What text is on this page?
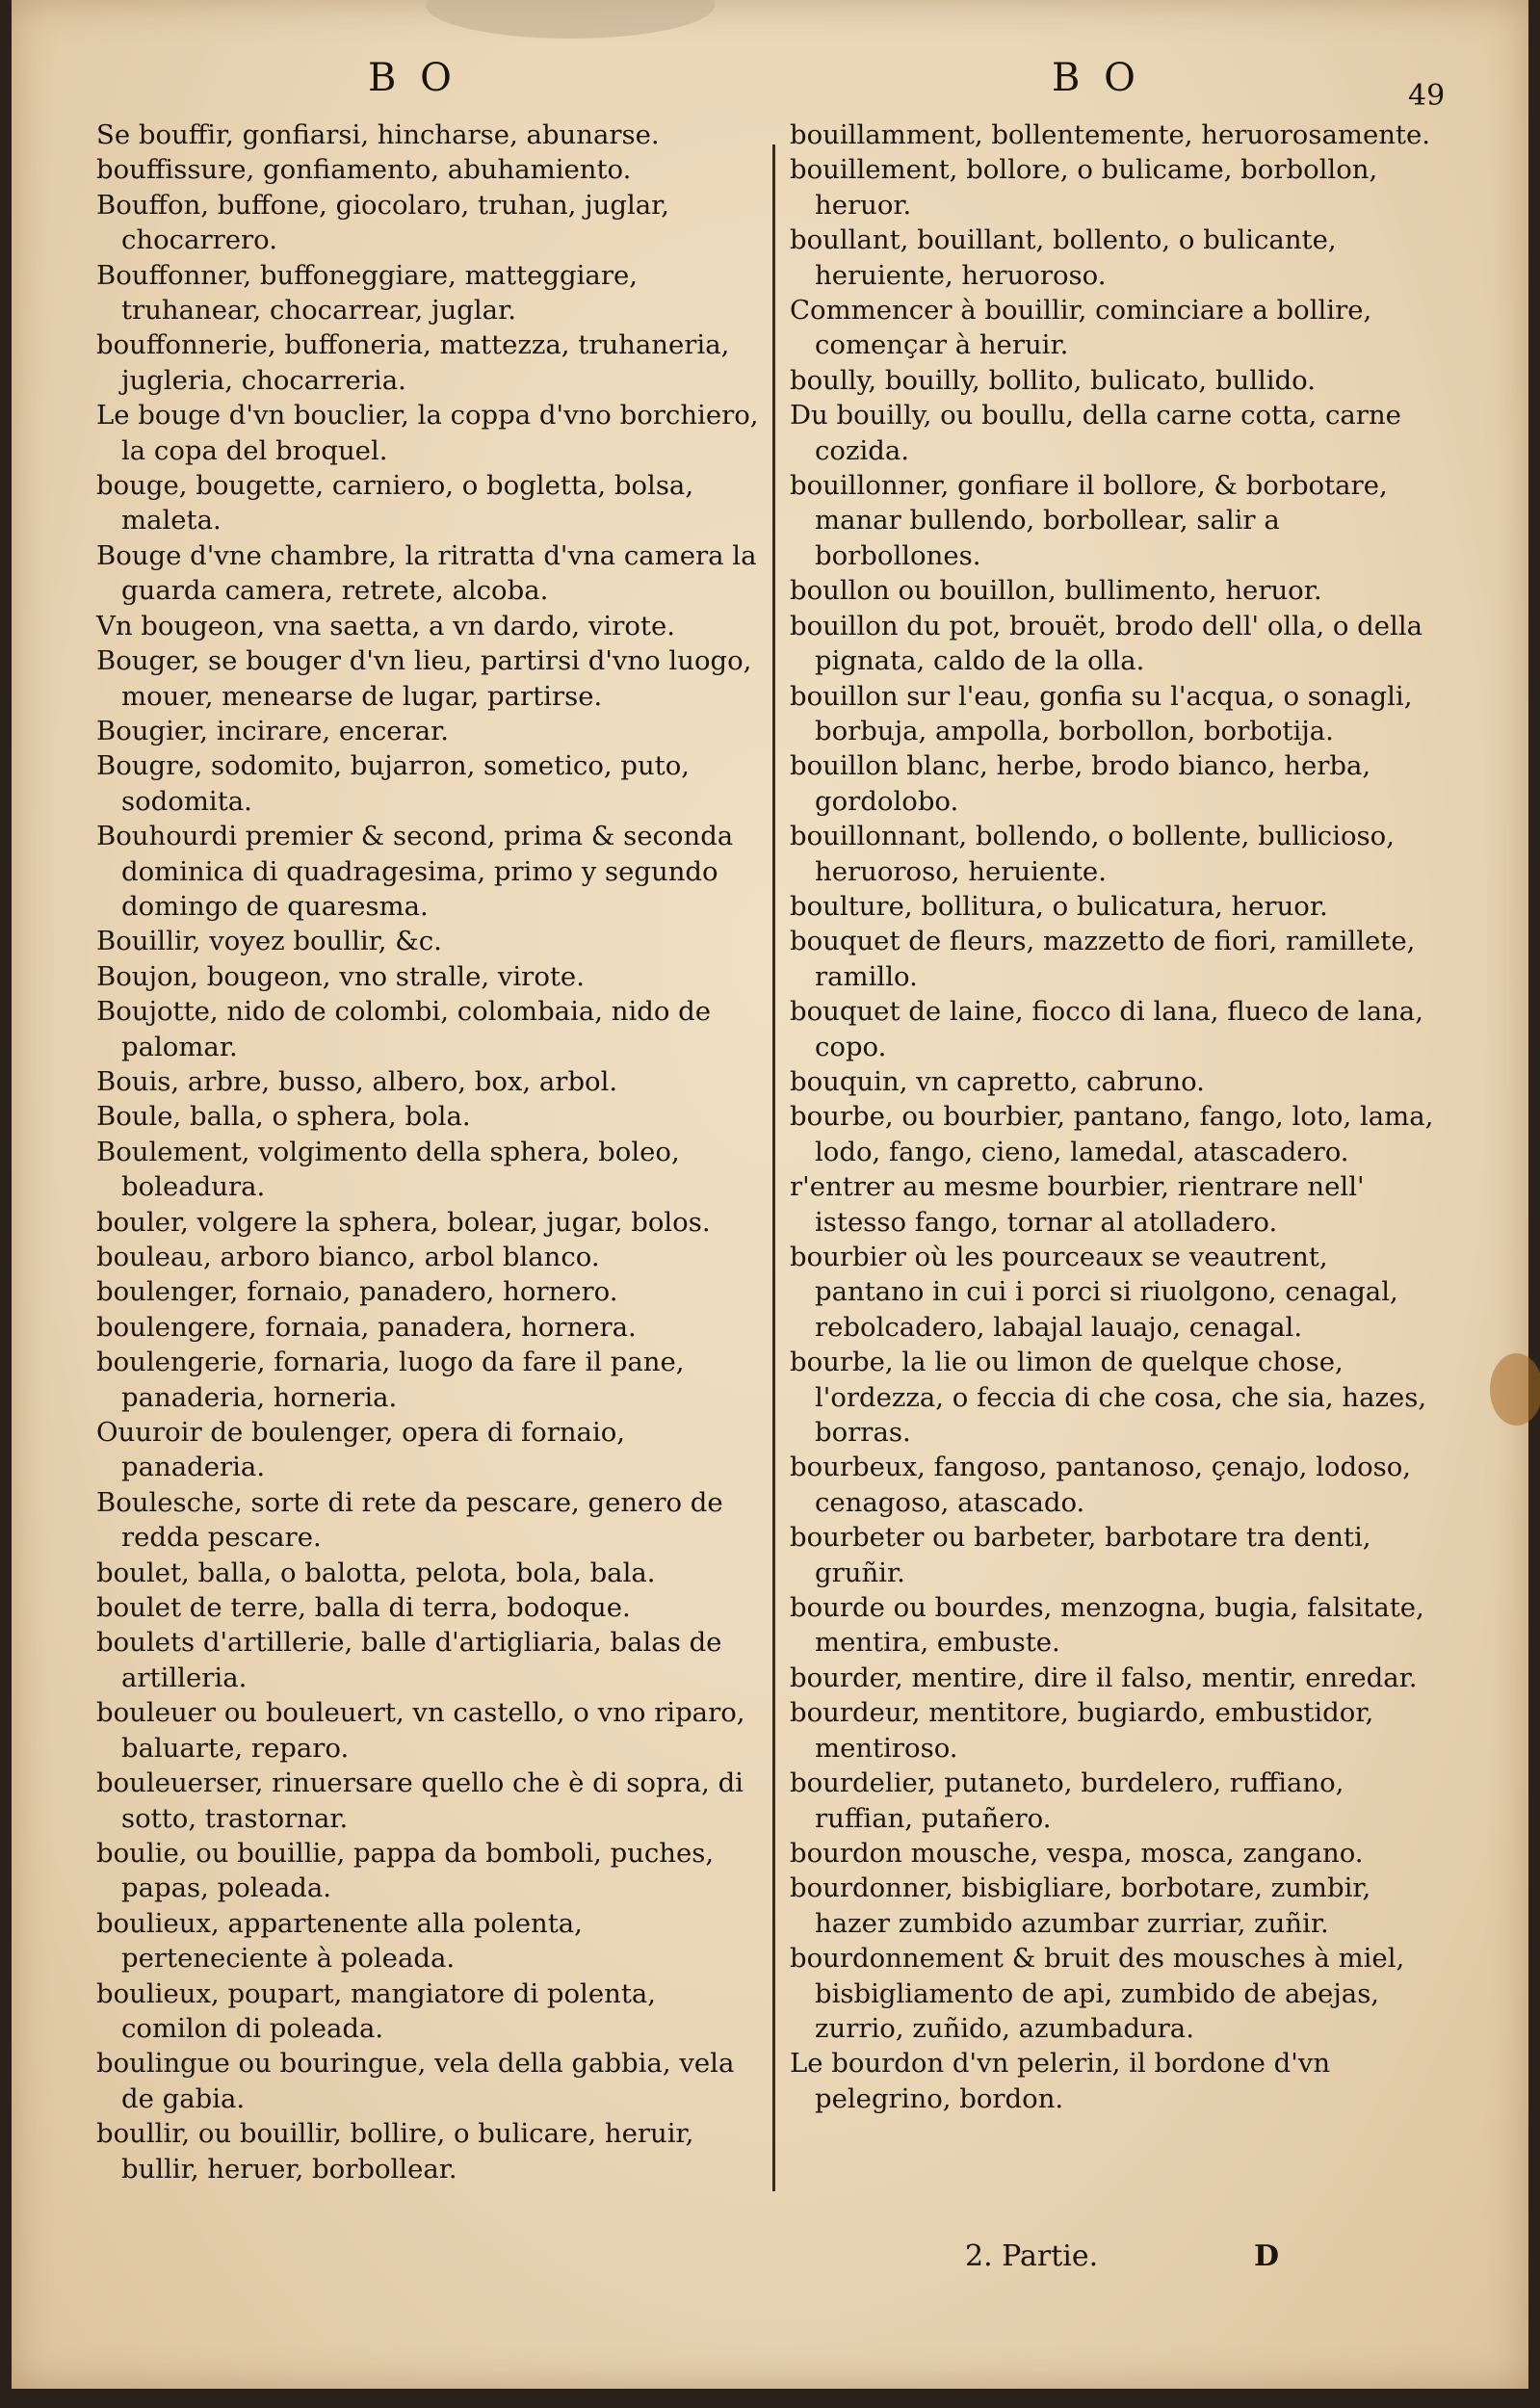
B O	B O	49

Se bouffir, gonfiarsi, hincharse, abunarse.

bouffissure, gonfiamento, abuhamiento.

Bouffon, buffone, giocolaro, truhan, juglar, chocarrero.

Bouffonner, buffoneggiare, matteggiare, truhanear, chocarrear, juglar.

bouffonnerie, buffoneria, mattezza, truhaneria, jugleria, chocarreria.

Le bouge d'vn bouclier, la coppa d'vno borchiero, la copa del broquel.

bouge, bougette, carniero, o bogletta, bolsa, maleta.

Bouge d'vne chambre, la ritratta d'vna camera la guarda camera, retrete, alcoba.

Vn bougeon, vna saetta, a vn dardo, virote.

Bouger, se bouger d'vn lieu, partirsi d'vno luogo, mouer, menearse de lugar, partirse.

Bougier, incirare, encerar.

Bougre, sodomito, bujarron, sometico, puto, sodomita.

Bouhourdi premier & second, prima & seconda dominica di quadragesima, primo y segundo domingo de quaresma.

Bouillir, voyez boullir, &c.

Boujon, bougeon, vno stralle, virote.

Boujotte, nido de colombi, colombaia, nido de palomar.

Bouis, arbre, busso, albero, box, arbol.

Boule, balla, o sphera, bola.

Boulement, volgimento della sphera, boleo, boleadura.

bouler, volgere la sphera, bolear, jugar, bolos.

bouleau, arboro bianco, arbol blanco.

boulenger, fornaio, panadero, hornero.

boulengere, fornaia, panadera, hornera.

boulengerie, fornaria, luogo da fare il pane, panaderia, horneria.

Ouuroir de boulenger, opera di fornaio, panaderia.

Boulesche, sorte di rete da pescare, genero de redda pescare.

boulet, balla, o balotta, pelota, bola, bala.

boulet de terre, balla di terra, bodoque.

boulets d'artillerie, balle d'artigliaria, balas de artilleria.

bouleuer ou bouleuert, vn castello, o vno riparo, baluarte, reparo.

bouleuerser, rinuersare quello che è di sopra, di sotto, trastornar.

boulie, ou bouillie, pappa da bomboli, puches, papas, poleada.

boulieux, appartenente alla polenta, perteneciente à poleada.

boulieux, poupart, mangiatore di polenta, comilon di poleada.

boulingue ou bouringue, vela della gabbia, vela de gabia.

boullir, ou bouillir, bollire, o bulicare, heruir, bullir, heruer, borbollear.

bouillamment, bollentemente, heruorosamente.

bouillement, bollore, o bulicame, borbollon, heruor.

boullant, bouillant, bollento, o bulicante, heruiente, heruoroso.

Commencer à bouillir, cominciare a bollire, començar à heruir.

boully, bouilly, bollito, bulicato, bullido.

Du bouilly, ou boullu, della carne cotta, carne cozida.

bouillonner, gonfiare il bollore, & borbotare, manar bullendo, borbollear, salir a borbollones.

boullon ou bouillon, bullimento, heruor.

bouillon du pot, brouët, brodo dell' olla, o della pignata, caldo de la olla.

bouillon sur l'eau, gonfia su l'acqua, o sonagli, borbuja, ampolla, borbollon, borbotija.

bouillon blanc, herbe, brodo bianco, herba, gordolobo.

bouillonnant, bollendo, o bollente, bullicioso, heruoroso, heruiente.

boulture, bollitura, o bulicatura, heruor.

bouquet de fleurs, mazzetto de fiori, ramillete, ramillo.

bouquet de laine, fiocco di lana, flueco de lana, copo.

bouquin, vn capretto, cabruno.

bourbe, ou bourbier, pantano, fango, loto, lama, lodo, fango, cieno, lamedal, atascadero.

r'entrer au mesme bourbier, rientrare nell' istesso fango, tornar al atolladero.

bourbier où les pourceaux se veautrent, pantano in cui i porci si riuolgono, cenagal, rebolcadero, labajal lauajo, cenagal.

bourbe, la lie ou limon de quelque chose, l'ordezza, o feccia di che cosa, che sia, hazes, borras.

bourbeux, fangoso, pantanoso, çenajo, lodoso, cenagoso, atascado.

bourbeter ou barbeter, barbotare tra denti, gruñir.

bourde ou bourdes, menzogna, bugia, falsitate, mentira, embuste.

bourder, mentire, dire il falso, mentir, enredar.

bourdeur, mentitore, bugiardo, embustidor, mentiroso.

bourdelier, putaneto, burdelero, ruffiano, ruffian, putañero.

bourdon mousche, vespa, mosca, zangano.

bourdonner, bisbigliare, borbotare, zumbir, hazer zumbido azumbar zurriar, zuñir.

bourdonnement & bruit des mousches à miel, bisbigliamento de api, zumbido de abejas, zurrio, zuñido, azumbadura.

Le bourdon d'vn pelerin, il bordone d'vn pelegrino, bordon.

2. Partie.	D
